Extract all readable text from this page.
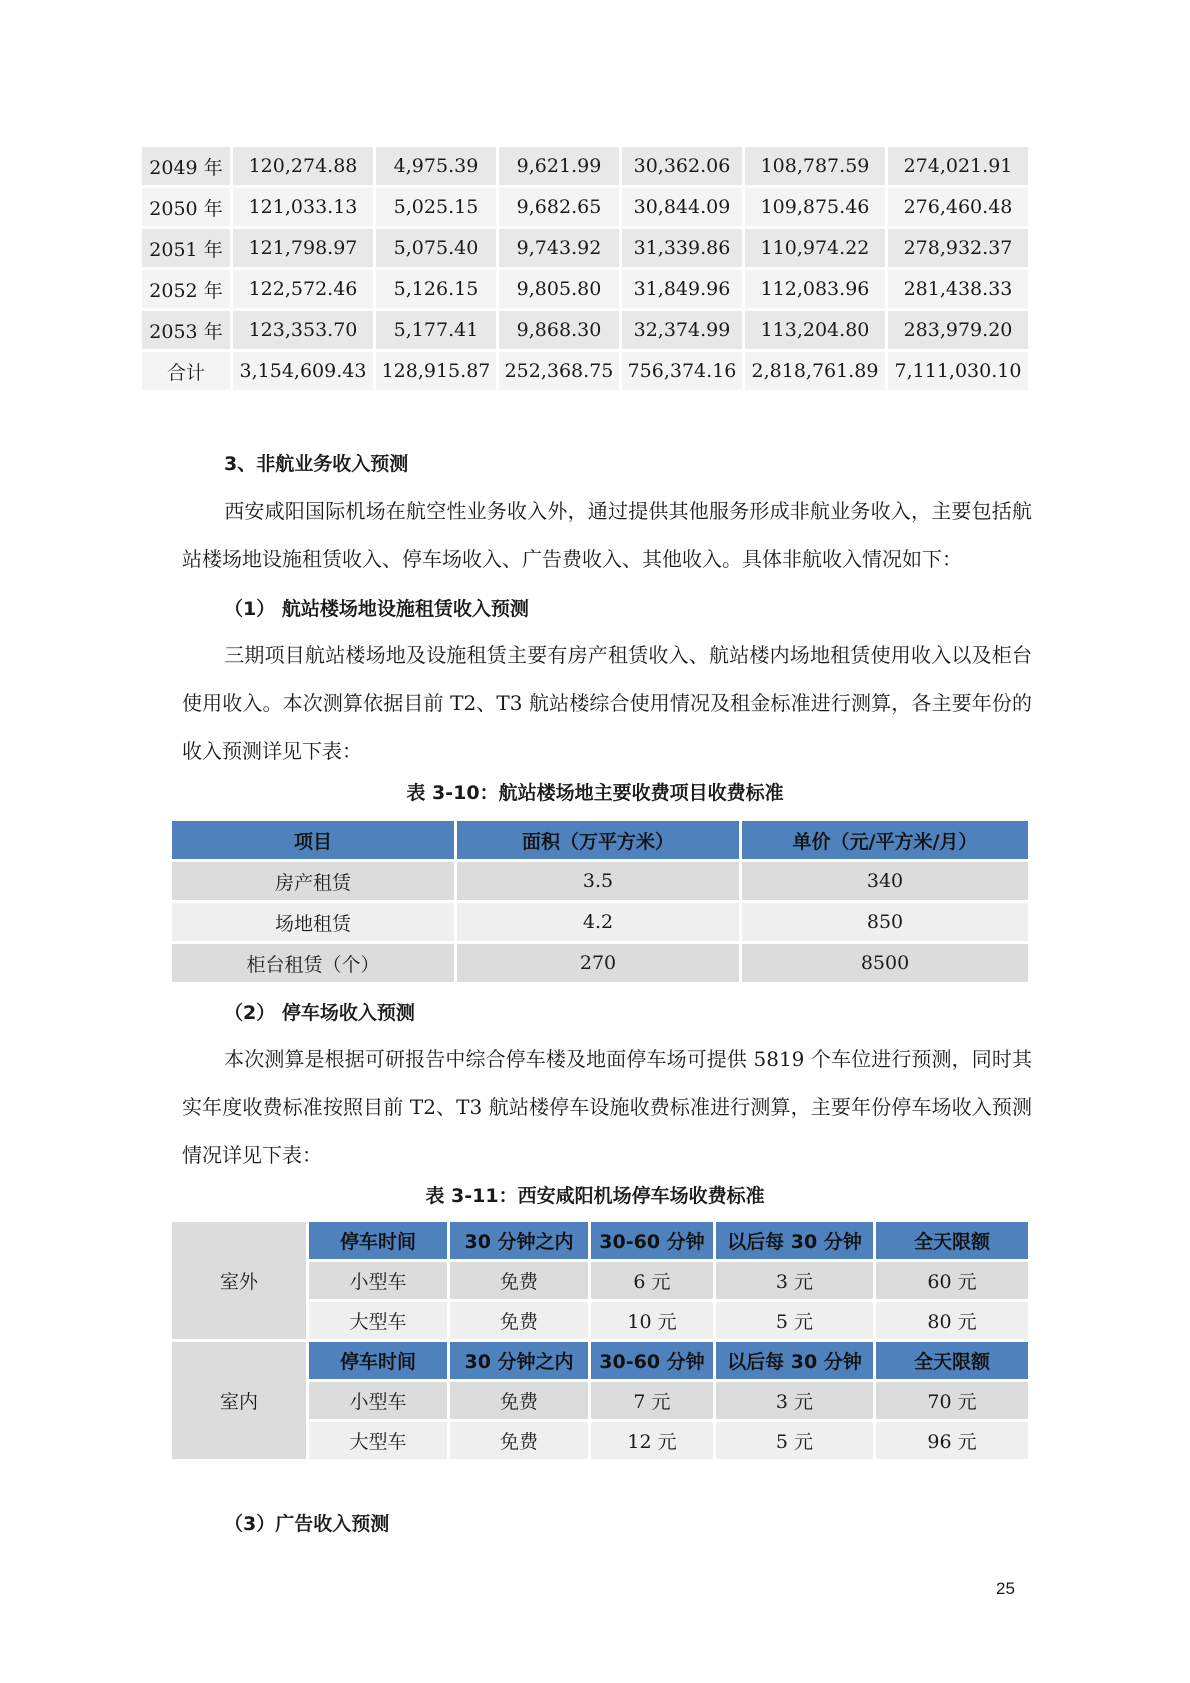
2049 年	120,274.88	4,975.39	9,621.99	30,362.06	108,787.59	274,021.91
2050 年	121,033.13	5,025.15	9,682.65	30,844.09	109,875.46	276,460.48
2051 年	121,798.97	5,075.40	9,743.92	31,339.86	110,974.22	278,932.37
2052 年	122,572.46	5,126.15	9,805.80	31,849.96	112,083.96	281,438.33
2053 年	123,353.70	5,177.41	9,868.30	32,374.99	113,204.80	283,979.20
合计	3,154,609.43	128,915.87	252,368.75	756,374.16	2,818,761.89	7,111,030.10
3、非航业务收入预测
西安咸阳国际机场在航空性业务收入外，通过提供其他服务形成非航业务收入，主要包括航站楼场地设施租赁收入、停车场收入、广告费收入、其他收入。具体非航收入情况如下：
（1） 航站楼场地设施租赁收入预测
三期项目航站楼场地及设施租赁主要有房产租赁收入、航站楼内场地租赁使用收入以及柜台使用收入。本次测算依据目前 T2、T3 航站楼综合使用情况及租金标准进行测算，各主要年份的收入预测详见下表：
表 3-10：航站楼场地主要收费项目收费标准
项目	面积（万平方米）	单价（元/平方米/月）
房产租赁	3.5	340
场地租赁	4.2	850
柜台租赁（个）	270	8500
（2） 停车场收入预测
本次测算是根据可研报告中综合停车楼及地面停车场可提供 5819 个车位进行预测，同时其实年度收费标准按照目前 T2、T3 航站楼停车设施收费标准进行测算，主要年份停车场收入预测情况详见下表：
表 3-11：西安咸阳机场停车场收费标准
室外	停车时间	30 分钟之内	30-60 分钟	以后每 30 分钟	全天限额
	小型车	免费	6 元	3 元	60 元
	大型车	免费	10 元	5 元	80 元
室内	停车时间	30 分钟之内	30-60 分钟	以后每 30 分钟	全天限额
	小型车	免费	7 元	3 元	70 元
	大型车	免费	12 元	5 元	96 元
（3）广告收入预测
25
